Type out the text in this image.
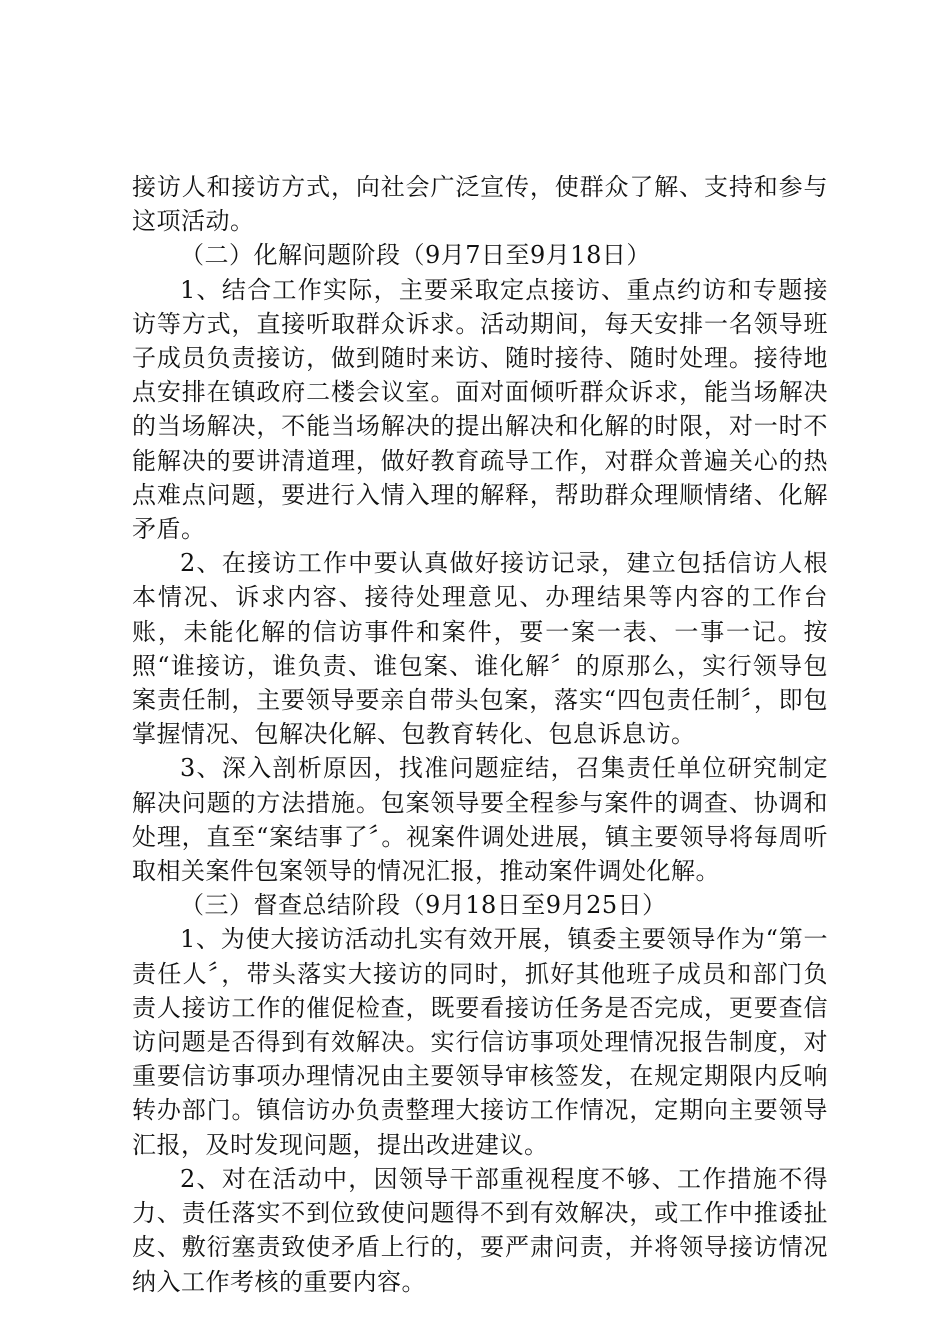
接访人和接访方式，向社会广泛宣传，使群众了解、支持和参与这项活动。

（二）化解问题阶段（9月7日至9月18日）

1、结合工作实际，主要采取定点接访、重点约访和专题接访等方式，直接听取群众诉求。活动期间，每天安排一名领导班子成员负责接访，做到随时来访、随时接待、随时处理。接待地点安排在镇政府二楼会议室。面对面倾听群众诉求，能当场解决的当场解决，不能当场解决的提出解决和化解的时限，对一时不能解决的要讲清道理，做好教育疏导工作，对群众普遍关心的热点难点问题，要进行入情入理的解释，帮助群众理顺情绪、化解矛盾。

2、在接访工作中要认真做好接访记录，建立包括信访人根本情况、诉求内容、接待处理意见、办理结果等内容的工作台账，未能化解的信访事件和案件，要一案一表、一事一记。按照“谁接访，谁负责、谁包案、谁化解〞的原那么，实行领导包案责任制，主要领导要亲自带头包案，落实“四包责任制〞，即包掌握情况、包解决化解、包教育转化、包息诉息访。

3、深入剖析原因，找准问题症结，召集责任单位研究制定解决问题的方法措施。包案领导要全程参与案件的调查、协调和处理，直至“案结事了〞。视案件调处进展，镇主要领导将每周听取相关案件包案领导的情况汇报，推动案件调处化解。

（三）督查总结阶段（9月18日至9月25日）

1、为使大接访活动扎实有效开展，镇委主要领导作为“第一责任人〞，带头落实大接访的同时，抓好其他班子成员和部门负责人接访工作的催促检查，既要看接访任务是否完成，更要查信访问题是否得到有效解决。实行信访事项处理情况报告制度，对重要信访事项办理情况由主要领导审核签发，在规定期限内反响转办部门。镇信访办负责整理大接访工作情况，定期向主要领导汇报，及时发现问题，提出改进建议。

2、对在活动中，因领导干部重视程度不够、工作措施不得力、责任落实不到位致使问题得不到有效解决，或工作中推诿扯皮、敷衍塞责致使矛盾上行的，要严肃问责，并将领导接访情况纳入工作考核的重要内容。
